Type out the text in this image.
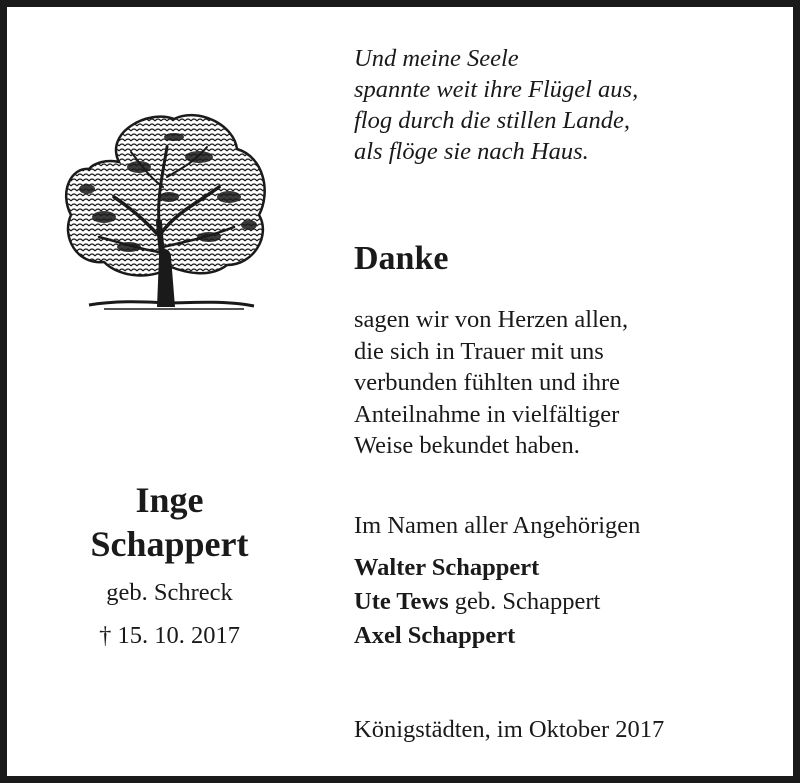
Und meine Seele
spannte weit ihre Flügel aus,
flog durch die stillen Lande,
als flöge sie nach Haus.
Danke
sagen wir von Herzen allen,
die sich in Trauer mit uns
verbunden fühlten und ihre
Anteilnahme in vielfältiger
Weise bekundet haben.
Inge
Schappert
geb. Schreck
† 15. 10. 2017
Im Namen aller Angehörigen
Walter Schappert
Ute Tews geb. Schappert
Axel Schappert
Königstädten, im Oktober 2017
